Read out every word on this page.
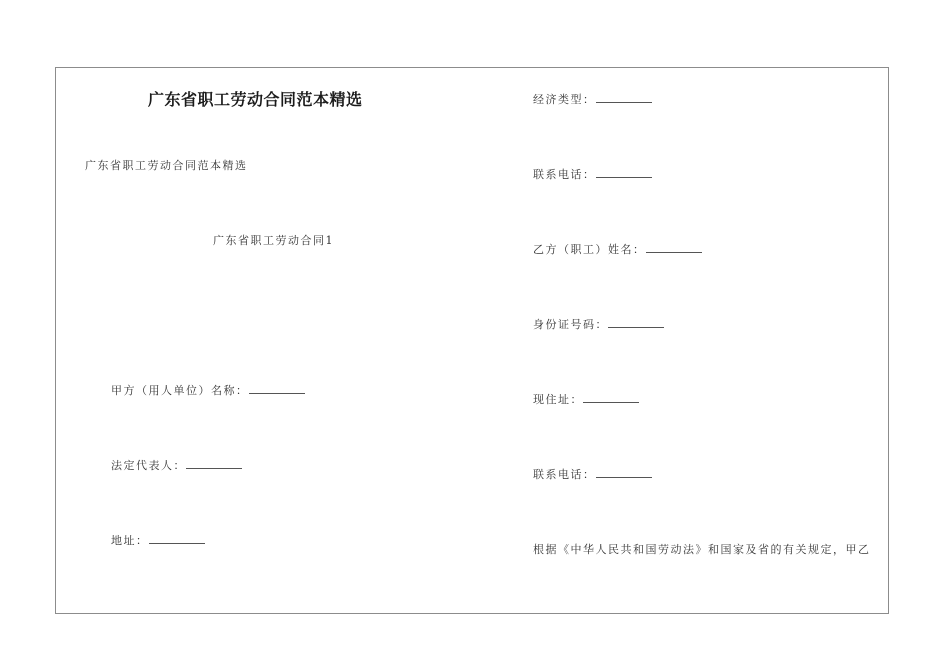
广东省职工劳动合同范本精选
广东省职工劳动合同范本精选
广东省职工劳动合同1
甲方（用人单位）名称：
法定代表人：
地址：
经济类型：
联系电话：
乙方（职工）姓名：
身份证号码：
现住址：
联系电话：
根据《中华人民共和国劳动法》和国家及省的有关规定，甲乙
